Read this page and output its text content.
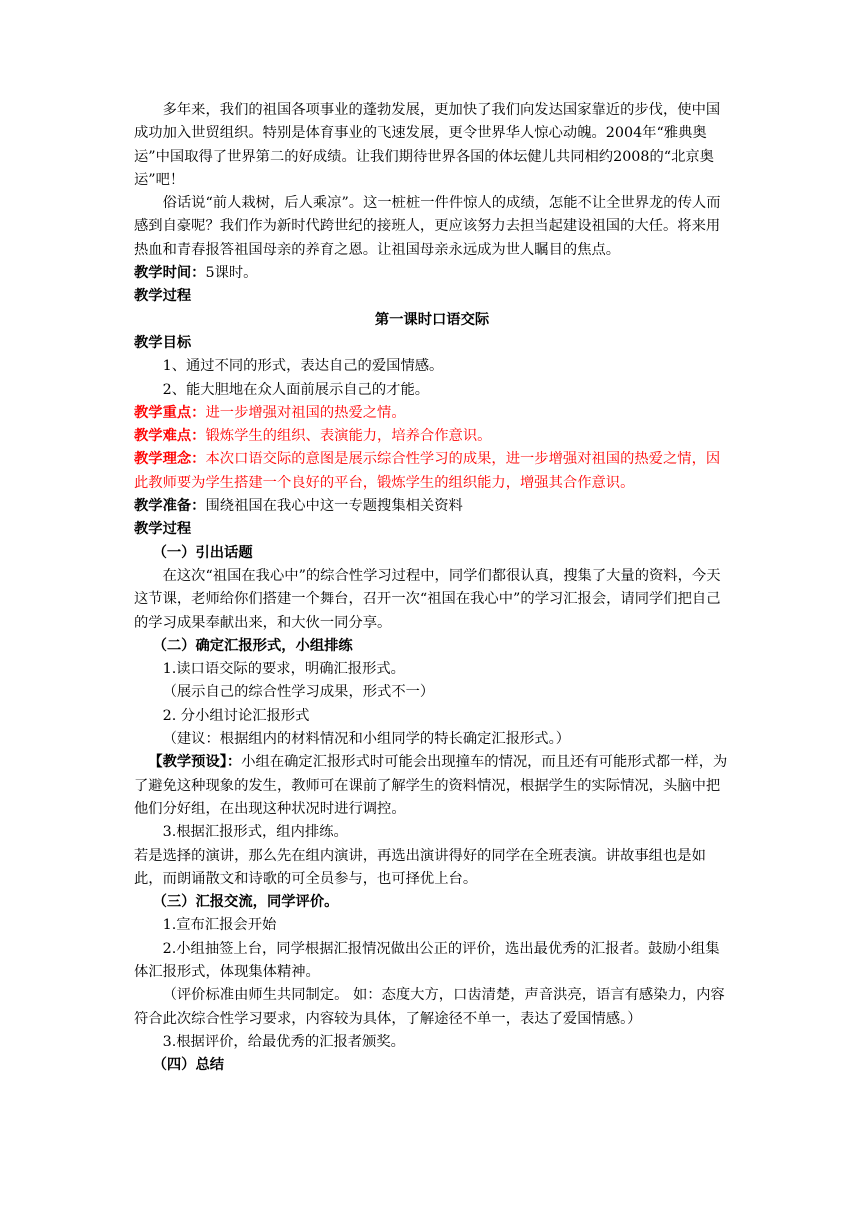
多年来，我们的祖国各项事业的蓬勃发展，更加快了我们向发达国家靠近的步伐，使中国成功加入世贸组织。特别是体育事业的飞速发展，更令世界华人惊心动魄。2004年“雅典奥运”中国取得了世界第二的好成绩。让我们期待世界各国的体坛健儿共同相约2008的“北京奥运”吧！

俗话说“前人栽树，后人乘凉”。这一桩桩一件件惊人的成绩，怎能不让全世界龙的传人而感到自豪呢？我们作为新时代跨世纪的接班人，更应该努力去担当起建设祖国的大任。将来用热血和青春报答祖国母亲的养育之恩。让祖国母亲永远成为世人瞩目的焦点。

教学时间：5课时。

教学过程

第一课时口语交际

教学目标

1、通过不同的形式，表达自己的爱国情感。

2、能大胆地在众人面前展示自己的才能。

教学重点：进一步增强对祖国的热爱之情。

教学难点：锻炼学生的组织、表演能力，培养合作意识。

教学理念：本次口语交际的意图是展示综合性学习的成果，进一步增强对祖国的热爱之情，因此教师要为学生搭建一个良好的平台，锻炼学生的组织能力，增强其合作意识。

教学准备：围绕祖国在我心中这一专题搜集相关资料

教学过程

（一）引出话题

在这次“祖国在我心中”的综合性学习过程中，同学们都很认真，搜集了大量的资料，今天这节课，老师给你们搭建一个舞台，召开一次“祖国在我心中”的学习汇报会，请同学们把自己的学习成果奉献出来，和大伙一同分享。

（二）确定汇报形式，小组排练

1.读口语交际的要求，明确汇报形式。

（展示自己的综合性学习成果，形式不一）

2. 分小组讨论汇报形式

（建议：根据组内的材料情况和小组同学的特长确定汇报形式。）

【教学预设】：小组在确定汇报形式时可能会出现撞车的情况，而且还有可能形式都一样，为了避免这种现象的发生，教师可在课前了解学生的资料情况，根据学生的实际情况，头脑中把他们分好组，在出现这种状况时进行调控。

3.根据汇报形式，组内排练。

若是选择的演讲，那么先在组内演讲，再选出演讲得好的同学在全班表演。讲故事组也是如此，而朗诵散文和诗歌的可全员参与，也可择优上台。

（三）汇报交流，同学评价。

1.宣布汇报会开始

2.小组抽签上台，同学根据汇报情况做出公正的评价，选出最优秀的汇报者。鼓励小组集体汇报形式，体现集体精神。

（评价标准由师生共同制定。 如：态度大方，口齿清楚，声音洪亮，语言有感染力，内容符合此次综合性学习要求，内容较为具体，了解途径不单一，表达了爱国情感。）

3.根据评价，给最优秀的汇报者颁奖。

（四）总结
